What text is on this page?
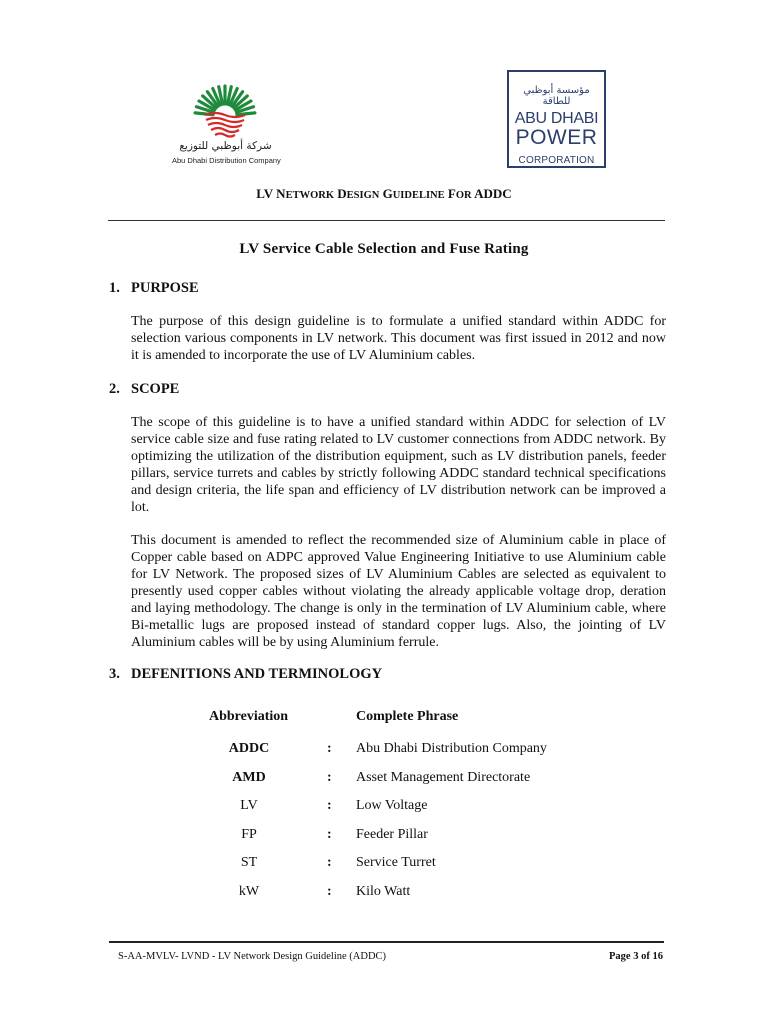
شركة أبوظبي للتوزيع
Abu Dhabi Distribution Company
مؤسسة أبوظبي للطاقة
ABU DHABI
POWER
CORPORATION
LV NETWORK DESIGN GUIDELINE FOR ADDC
LV Service Cable Selection and Fuse Rating
1. PURPOSE
The purpose of this design guideline is to formulate a unified standard within ADDC for selection various components in LV network. This document was first issued in 2012 and now it is amended to incorporate the use of LV Aluminium cables.
2. SCOPE
The scope of this guideline is to have a unified standard within ADDC for selection of LV service cable size and fuse rating related to LV customer connections from ADDC network. By optimizing the utilization of the distribution equipment, such as LV distribution panels, feeder pillars, service turrets and cables by strictly following ADDC standard technical specifications and design criteria, the life span and efficiency of LV distribution network can be improved a lot.
This document is amended to reflect the recommended size of Aluminium cable in place of Copper cable based on ADPC approved Value Engineering Initiative to use Aluminium cable for LV Network. The proposed sizes of LV Aluminium Cables are selected as equivalent to presently used copper cables without violating the already applicable voltage drop, deration and laying methodology. The change is only in the termination of LV Aluminium cable, where Bi-metallic lugs are proposed instead of standard copper lugs. Also, the jointing of LV Aluminium cables will be by using Aluminium ferrule.
3. DEFENITIONS AND TERMINOLOGY
Abbreviation	Complete Phrase
ADDC	: Abu Dhabi Distribution Company
AMD	: Asset Management Directorate
LV	: Low Voltage
FP	: Feeder Pillar
ST	: Service Turret
kW	: Kilo Watt
S-AA-MVLV- LVND - LV Network Design Guideline (ADDC)	Page 3 of 16
